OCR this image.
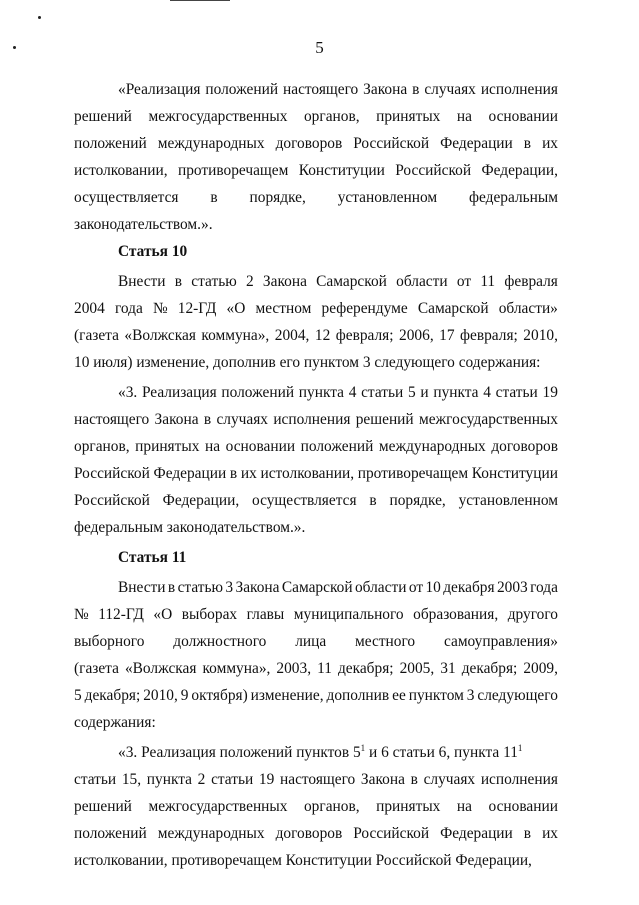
5

«Реализация положений настоящего Закона в случаях исполнения
решений межгосударственных органов, принятых на основании
положений международных договоров Российской Федерации в их
истолковании, противоречащем Конституции Российской Федерации,
осуществляется в порядке, установленном федеральным
законодательством.».

Статья 10

Внести в статью 2 Закона Самарской области от 11 февраля
2004 года № 12-ГД «О местном референдуме Самарской области»
(газета «Волжская коммуна», 2004, 12 февраля; 2006, 17 февраля; 2010,
10 июля) изменение, дополнив его пунктом 3 следующего содержания:

«3. Реализация положений пункта 4 статьи 5 и пункта 4 статьи 19
настоящего Закона в случаях исполнения решений межгосударственных
органов, принятых на основании положений международных договоров
Российской Федерации в их истолковании, противоречащем Конституции
Российской Федерации, осуществляется в порядке, установленном
федеральным законодательством.».

Статья 11

Внести в статью 3 Закона Самарской области от 10 декабря 2003 года
№ 112-ГД «О выборах главы муниципального образования, другого
выборного должностного лица местного самоуправления»
(газета «Волжская коммуна», 2003, 11 декабря; 2005, 31 декабря; 2009,
5 декабря; 2010, 9 октября) изменение, дополнив ее пунктом 3 следующего
содержания:

«3. Реализация положений пунктов $5^1$ и 6 статьи 6, пункта $11^1$
статьи 15, пункта 2 статьи 19 настоящего Закона в случаях исполнения
решений межгосударственных органов, принятых на основании
положений международных договоров Российской Федерации в их
истолковании, противоречащем Конституции Российской Федерации,
